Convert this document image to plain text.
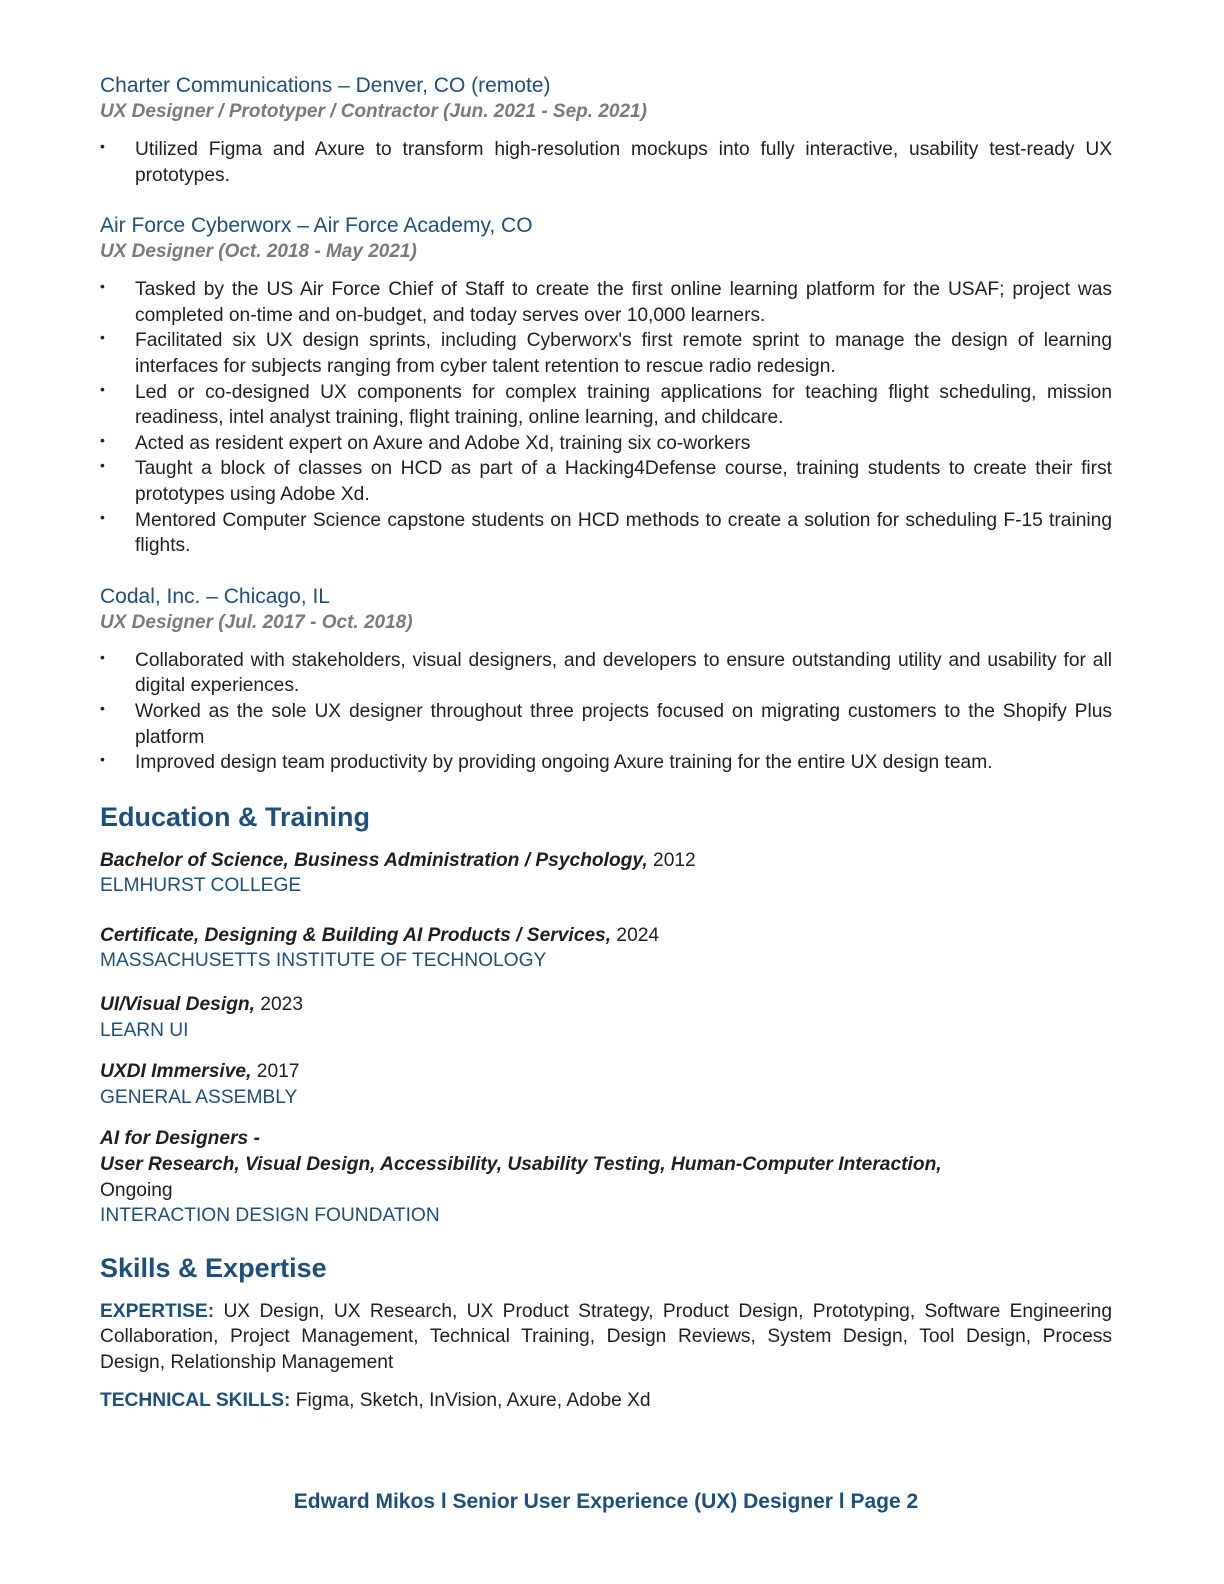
Charter Communications – Denver, CO (remote)
UX Designer / Prototyper / Contractor (Jun. 2021 - Sep. 2021)
• Utilized Figma and Axure to transform high-resolution mockups into fully interactive, usability test-ready UX prototypes.
Air Force Cyberworx – Air Force Academy, CO
UX Designer (Oct. 2018 - May 2021)
• Tasked by the US Air Force Chief of Staff to create the first online learning platform for the USAF; project was completed on-time and on-budget, and today serves over 10,000 learners.
• Facilitated six UX design sprints, including Cyberworx's first remote sprint to manage the design of learning interfaces for subjects ranging from cyber talent retention to rescue radio redesign.
• Led or co-designed UX components for complex training applications for teaching flight scheduling, mission readiness, intel analyst training, flight training, online learning, and childcare.
• Acted as resident expert on Axure and Adobe Xd, training six co-workers
• Taught a block of classes on HCD as part of a Hacking4Defense course, training students to create their first prototypes using Adobe Xd.
• Mentored Computer Science capstone students on HCD methods to create a solution for scheduling F-15 training flights.
Codal, Inc. – Chicago, IL
UX Designer (Jul. 2017 - Oct. 2018)
• Collaborated with stakeholders, visual designers, and developers to ensure outstanding utility and usability for all digital experiences.
• Worked as the sole UX designer throughout three projects focused on migrating customers to the Shopify Plus platform
• Improved design team productivity by providing ongoing Axure training for the entire UX design team.
Education & Training
Bachelor of Science, Business Administration / Psychology, 2012
ELMHURST COLLEGE
Certificate, Designing & Building AI Products / Services, 2024
MASSACHUSETTS INSTITUTE OF TECHNOLOGY
UI/Visual Design, 2023
LEARN UI
UXDI Immersive, 2017
GENERAL ASSEMBLY
AI for Designers -
User Research, Visual Design, Accessibility, Usability Testing, Human-Computer Interaction,
Ongoing
INTERACTION DESIGN FOUNDATION
Skills & Expertise
EXPERTISE: UX Design, UX Research, UX Product Strategy, Product Design, Prototyping, Software Engineering Collaboration, Project Management, Technical Training, Design Reviews, System Design, Tool Design, Process Design, Relationship Management
TECHNICAL SKILLS: Figma, Sketch, InVision, Axure, Adobe Xd
Edward Mikos l Senior User Experience (UX) Designer l Page 2
